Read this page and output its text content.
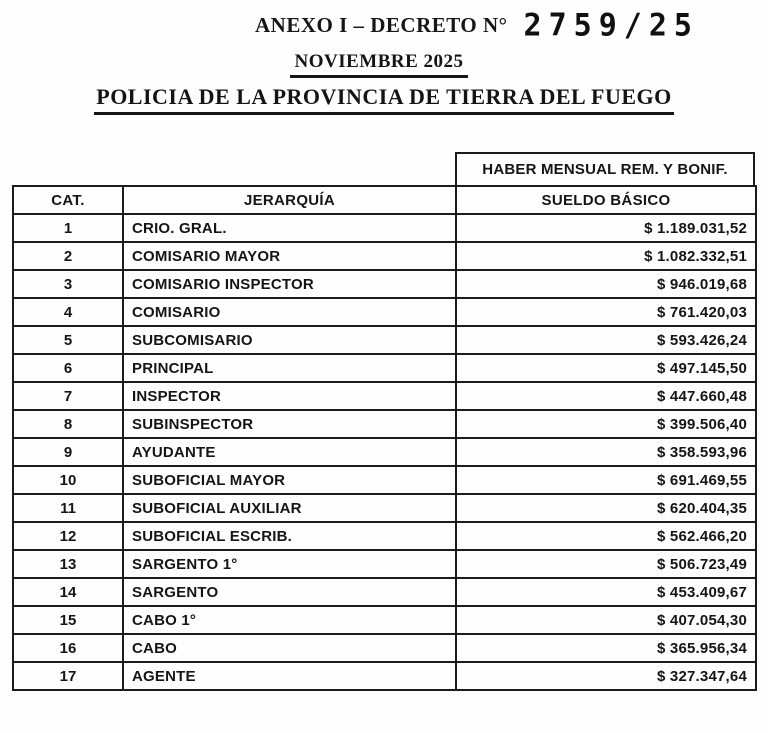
ANEXO I – DECRETO N° 2759/25
NOVIEMBRE 2025
POLICIA DE LA PROVINCIA DE TIERRA DEL FUEGO
HABER MENSUAL REM. Y BONIF.
CAT.	JERARQUÍA	SUELDO BÁSICO
1	CRIO. GRAL.	$ 1.189.031,52
2	COMISARIO MAYOR	$ 1.082.332,51
3	COMISARIO INSPECTOR	$ 946.019,68
4	COMISARIO	$ 761.420,03
5	SUBCOMISARIO	$ 593.426,24
6	PRINCIPAL	$ 497.145,50
7	INSPECTOR	$ 447.660,48
8	SUBINSPECTOR	$ 399.506,40
9	AYUDANTE	$ 358.593,96
10	SUBOFICIAL MAYOR	$ 691.469,55
11	SUBOFICIAL AUXILIAR	$ 620.404,35
12	SUBOFICIAL ESCRIB.	$ 562.466,20
13	SARGENTO 1°	$ 506.723,49
14	SARGENTO	$ 453.409,67
15	CABO 1°	$ 407.054,30
16	CABO	$ 365.956,34
17	AGENTE	$ 327.347,64
